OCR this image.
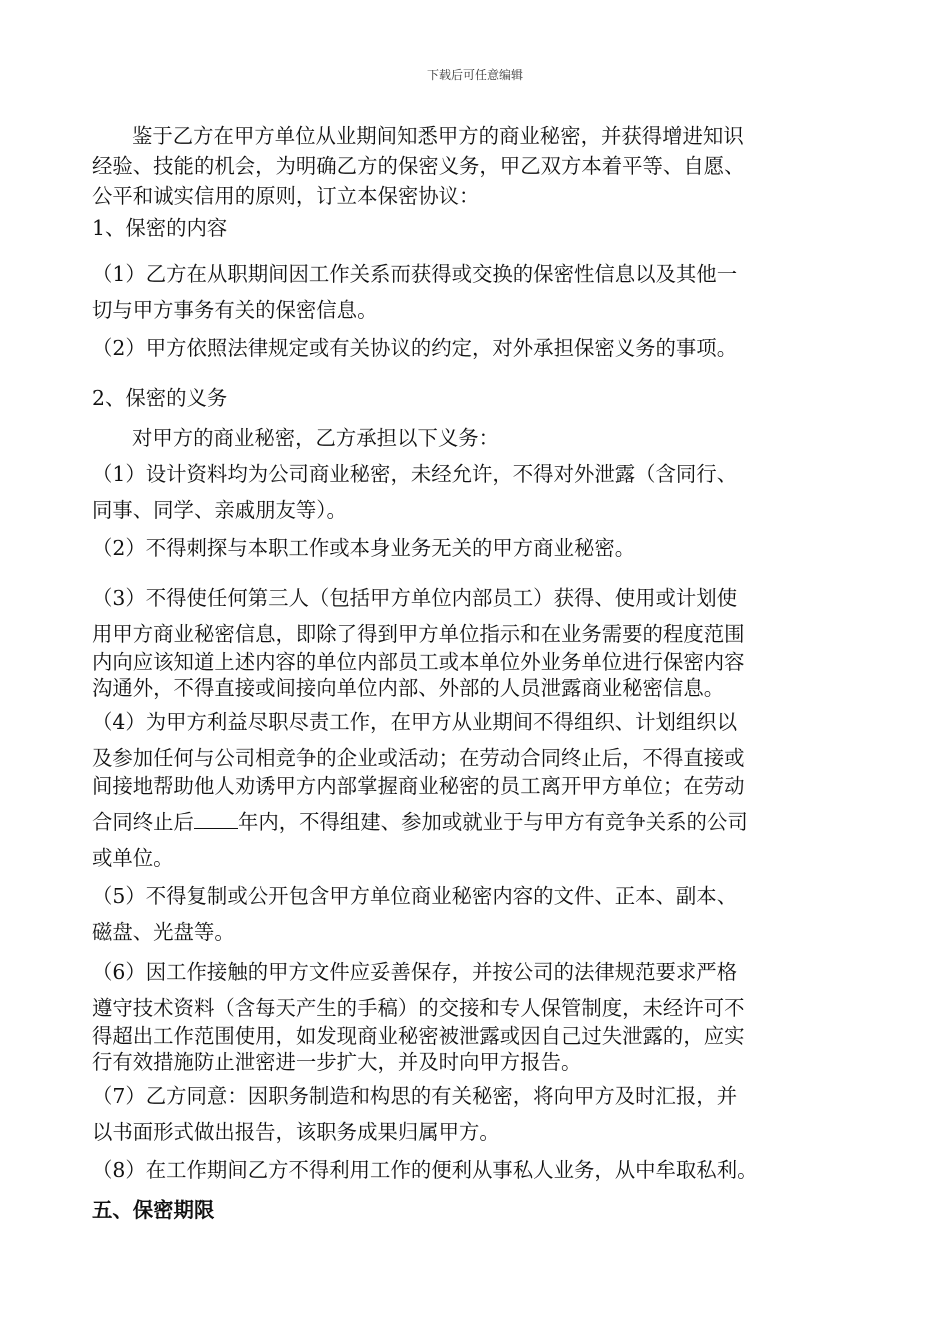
下载后可任意编辑
鉴于乙方在甲方单位从业期间知悉甲方的商业秘密，并获得增进知识
经验、技能的机会，为明确乙方的保密义务，甲乙双方本着平等、自愿、
公平和诚实信用的原则，订立本保密协议：
1、保密的内容
（1）乙方在从职期间因工作关系而获得或交换的保密性信息以及其他一
切与甲方事务有关的保密信息。
（2）甲方依照法律规定或有关协议的约定，对外承担保密义务的事项。
2、保密的义务
对甲方的商业秘密，乙方承担以下义务：
（1）设计资料均为公司商业秘密，未经允许，不得对外泄露（含同行、
同事、同学、亲戚朋友等）。
（2）不得刺探与本职工作或本身业务无关的甲方商业秘密。
（3）不得使任何第三人（包括甲方单位内部员工）获得、使用或计划使
用甲方商业秘密信息，即除了得到甲方单位指示和在业务需要的程度范围
内向应该知道上述内容的单位内部员工或本单位外业务单位进行保密内容
沟通外，不得直接或间接向单位内部、外部的人员泄露商业秘密信息。
（4）为甲方利益尽职尽责工作，在甲方从业期间不得组织、计划组织以
及参加任何与公司相竞争的企业或活动；在劳动合同终止后，不得直接或
间接地帮助他人劝诱甲方内部掌握商业秘密的员工离开甲方单位；在劳动
合同终止后 年内，不得组建、参加或就业于与甲方有竞争关系的公司
或单位。
（5）不得复制或公开包含甲方单位商业秘密内容的文件、正本、副本、
磁盘、光盘等。
（6）因工作接触的甲方文件应妥善保存，并按公司的法律规范要求严格
遵守技术资料（含每天产生的手稿）的交接和专人保管制度，未经许可不
得超出工作范围使用，如发现商业秘密被泄露或因自己过失泄露的，应实
行有效措施防止泄密进一步扩大，并及时向甲方报告。
（7）乙方同意：因职务制造和构思的有关秘密，将向甲方及时汇报，并
以书面形式做出报告，该职务成果归属甲方。
（8）在工作期间乙方不得利用工作的便利从事私人业务，从中牟取私利。
五、保密期限
